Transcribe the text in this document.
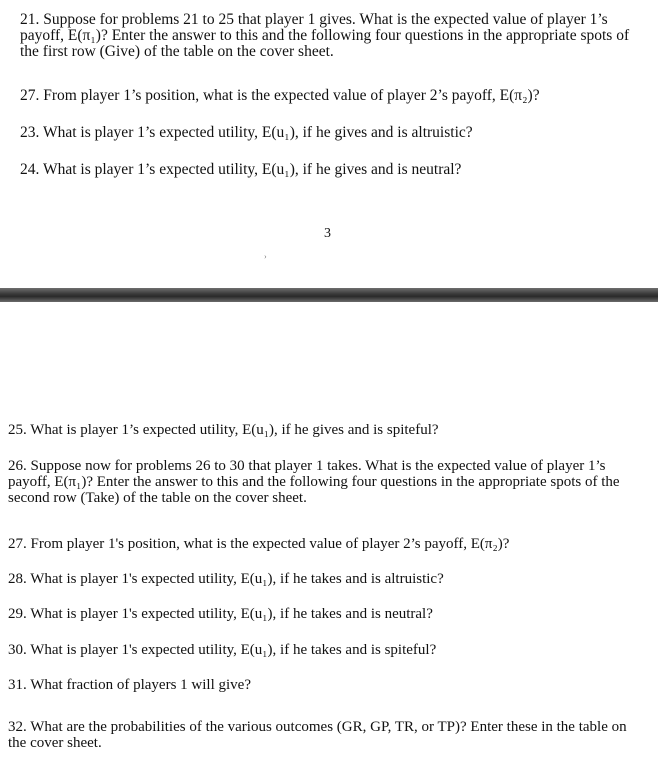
21. Suppose for problems 21 to 25 that player 1 gives. What is the expected value of player 1’s payoff, E(π₁)? Enter the answer to this and the following four questions in the appropriate spots of the first row (Give) of the table on the cover sheet.

27. From player 1’s position, what is the expected value of player 2’s payoff, E(π₂)?

23. What is player 1’s expected utility, E(u₁), if he gives and is altruistic?

24. What is player 1’s expected utility, E(u₁), if he gives and is neutral?

3
›

25. What is player 1’s expected utility, E(u₁), if he gives and is spiteful?

26. Suppose now for problems 26 to 30 that player 1 takes. What is the expected value of player 1’s payoff, E(π₁)? Enter the answer to this and the following four questions in the appropriate spots of the second row (Take) of the table on the cover sheet.

27. From player 1's position, what is the expected value of player 2’s payoff, E(π₂)?

28. What is player 1's expected utility, E(u₁), if he takes and is altruistic?

29. What is player 1's expected utility, E(u₁), if he takes and is neutral?

30. What is player 1's expected utility, E(u₁), if he takes and is spiteful?

31. What fraction of players 1 will give?

32. What are the probabilities of the various outcomes (GR, GP, TR, or TP)? Enter these in the table on the cover sheet.
